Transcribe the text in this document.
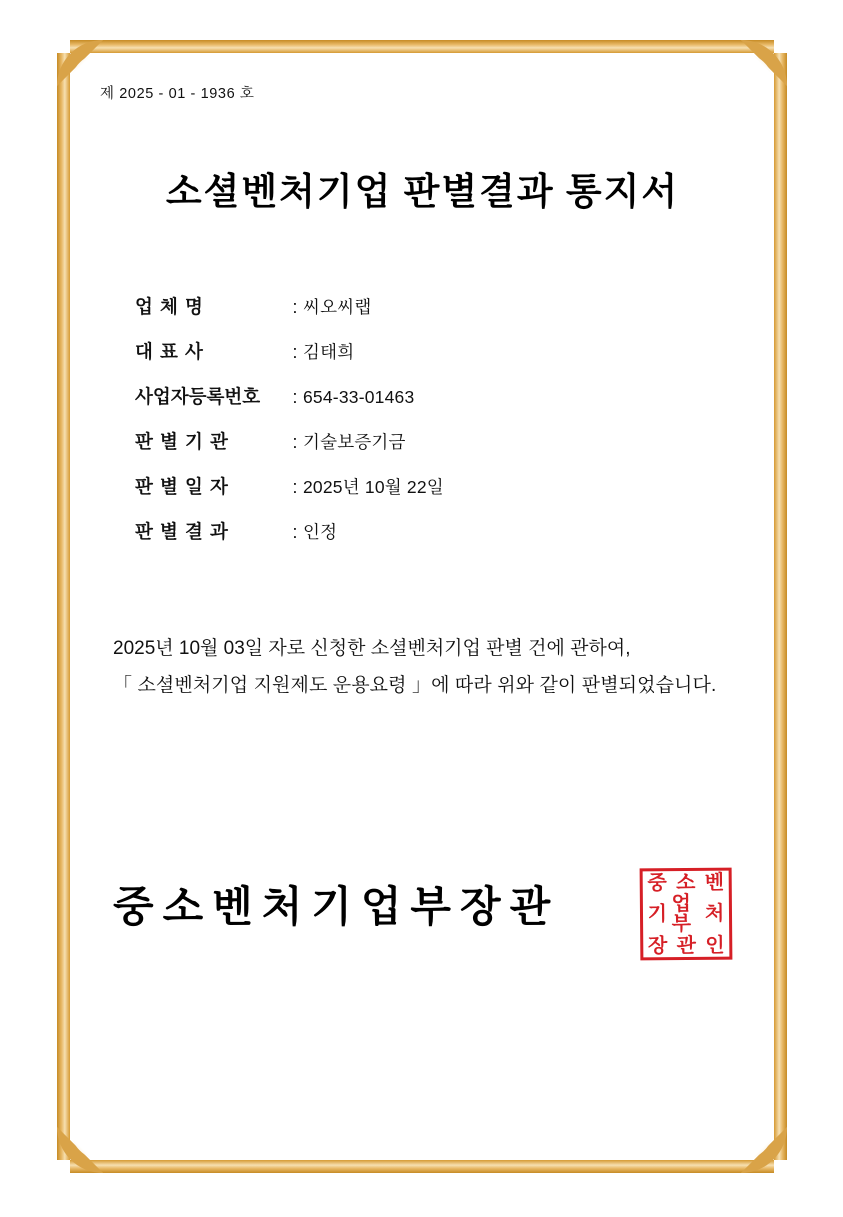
제 2025 - 01 - 1936 호
소셜벤처기업 판별결과 통지서
업 체 명	: 씨오씨랩
대 표 사	: 김태희
사업자등록번호	: 654-33-01463
판 별 기 관	: 기술보증기금
판 별 일 자	: 2025년 10월 22일
판 별 결 과	: 인정
2025년 10월 03일 자로 신청한 소셜벤처기업 판별 건에 관하여,
「 소셜벤처기업 지원제도 운용요령 」에 따라 위와 같이 판별되었습니다.
중소벤처기업부장관
중 소 벤
기 업부 처
장 관 인
